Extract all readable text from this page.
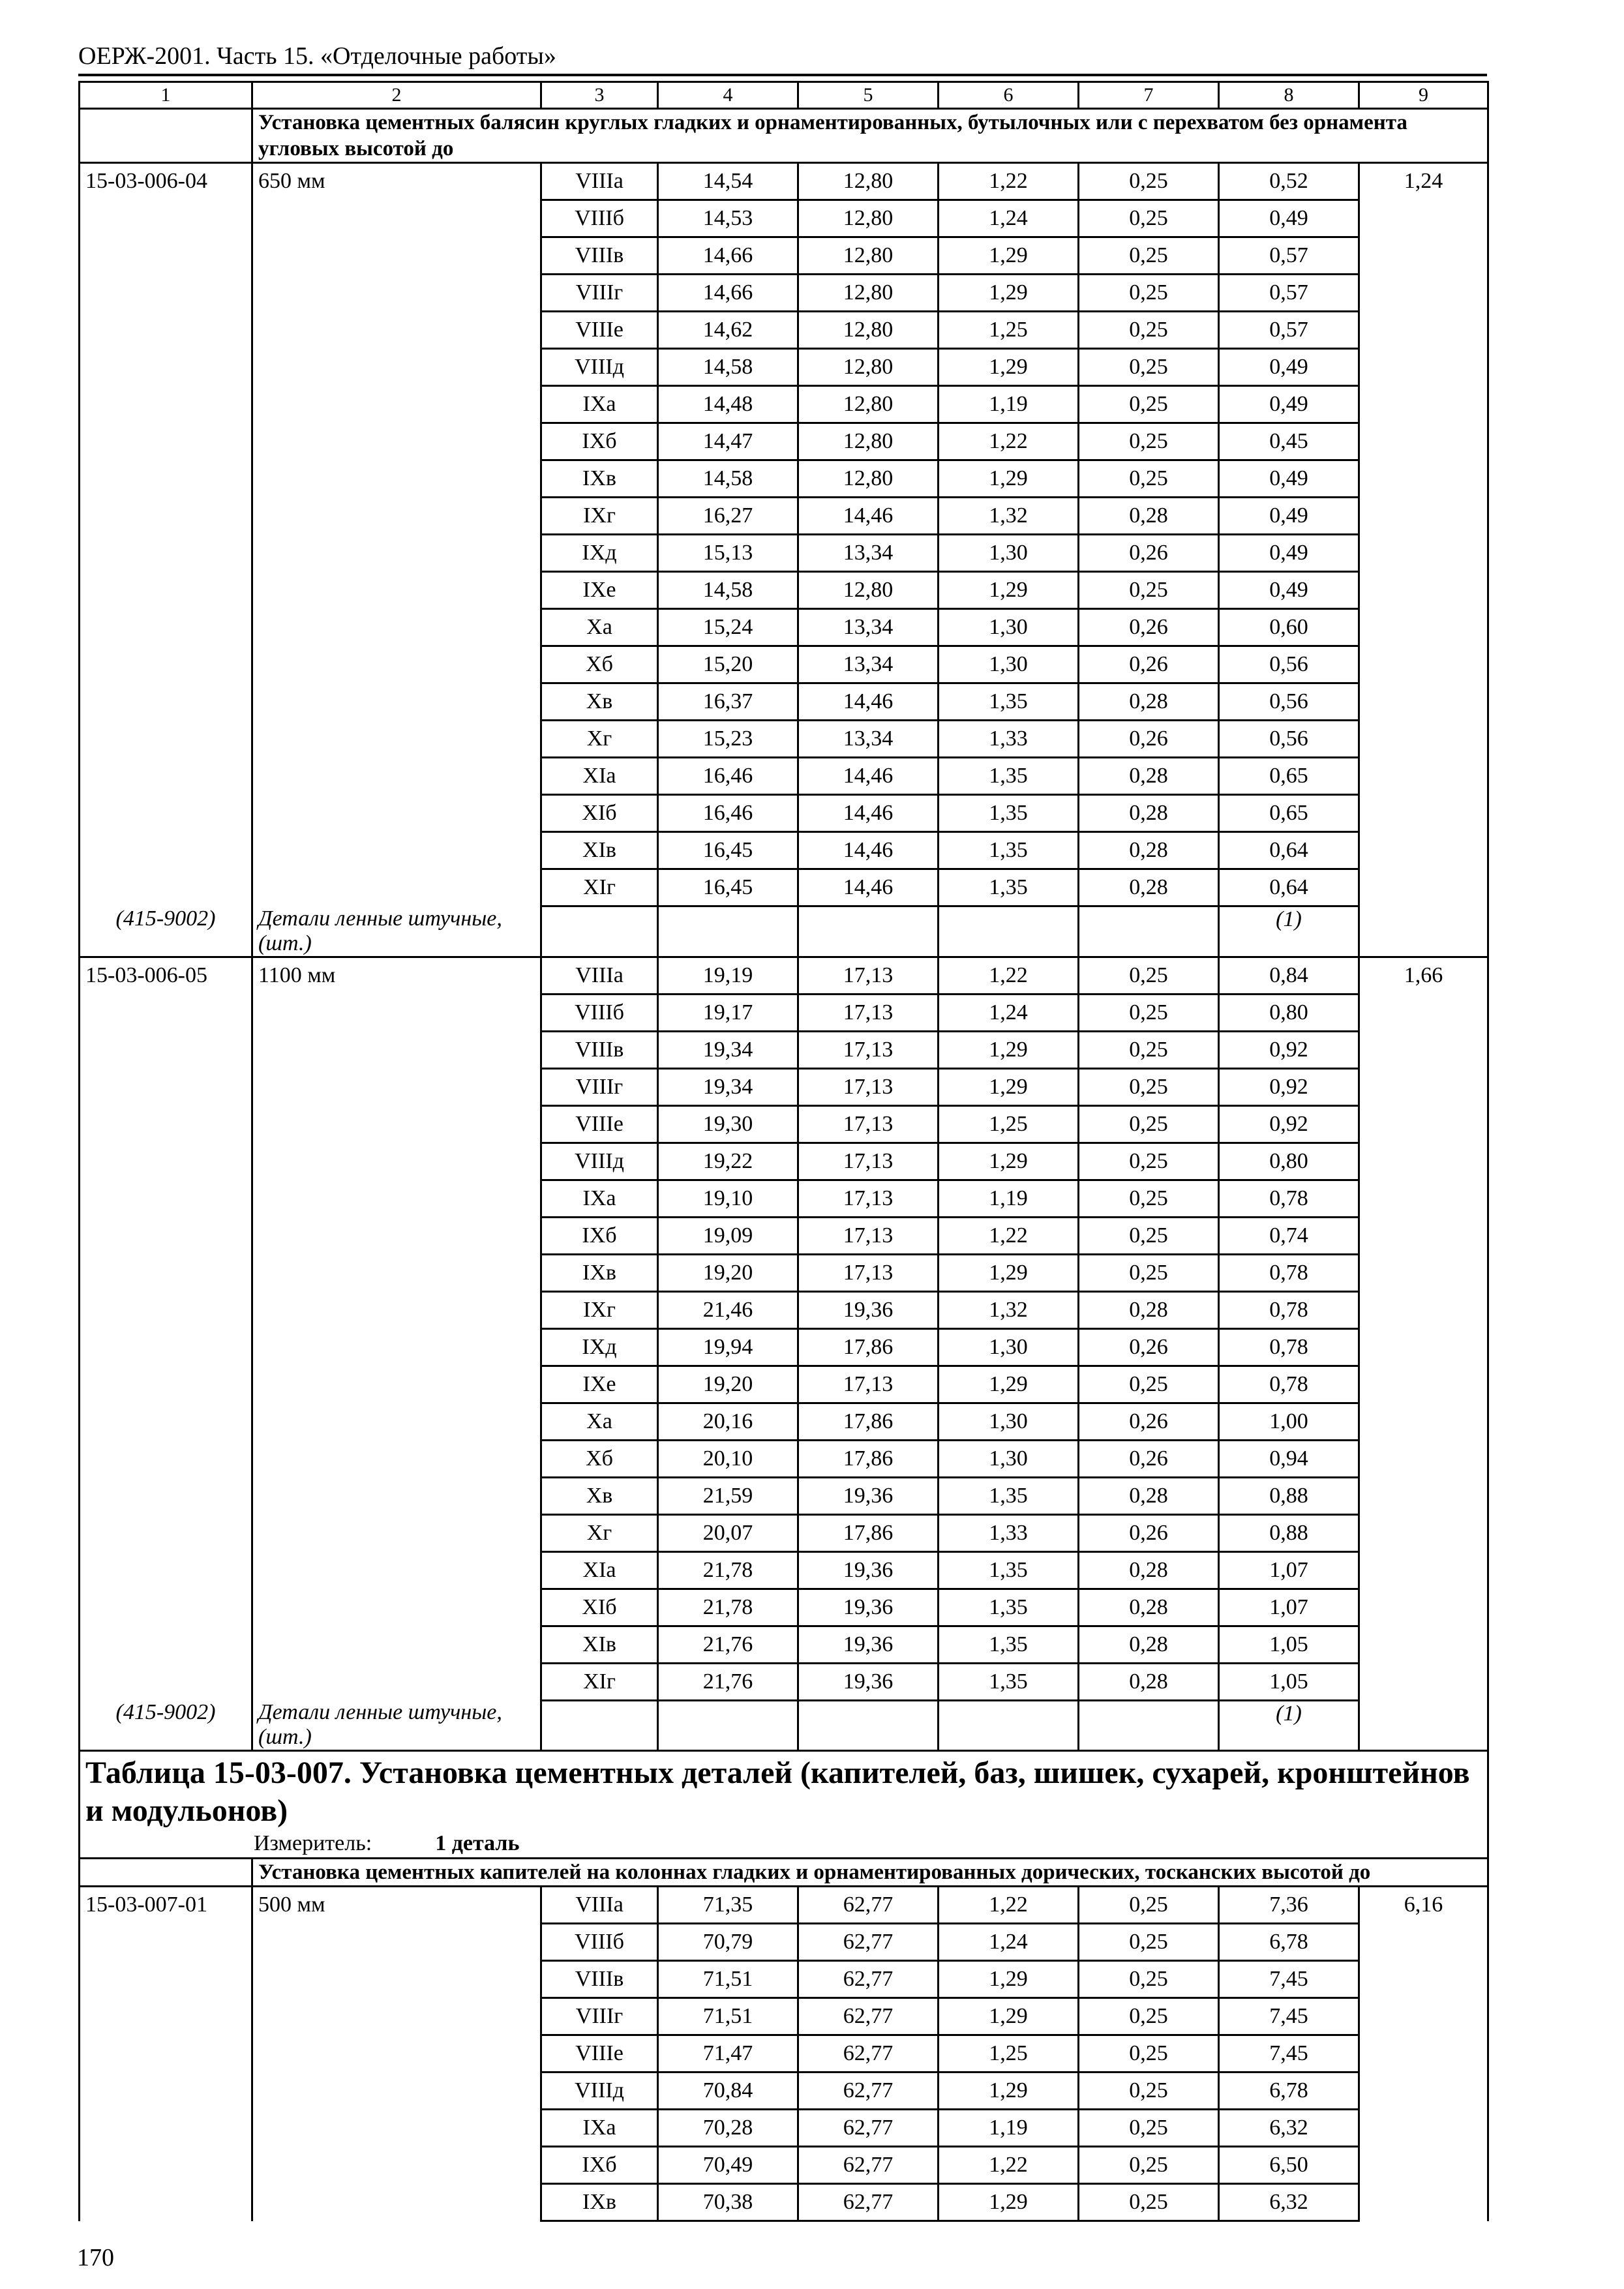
ОЕРЖ-2001. Часть 15. «Отделочные работы»
1	2	3	4	5	6	7	8	9
	Установка цементных балясин круглых гладких и орнаментированных, бутылочных или с перехватом без орнамента угловых высотой до							
15-03-006-04	650 мм	VIIIа	14,54	12,80	1,22	0,25	0,52	1,24
		VIIIб	14,53	12,80	1,24	0,25	0,49	
		VIIIв	14,66	12,80	1,29	0,25	0,57	
		VIIIг	14,66	12,80	1,29	0,25	0,57	
		VIIIе	14,62	12,80	1,25	0,25	0,57	
		VIIIд	14,58	12,80	1,29	0,25	0,49	
		IXа	14,48	12,80	1,19	0,25	0,49	
		IXб	14,47	12,80	1,22	0,25	0,45	
		IXв	14,58	12,80	1,29	0,25	0,49	
		IXг	16,27	14,46	1,32	0,28	0,49	
		IXд	15,13	13,34	1,30	0,26	0,49	
		IXе	14,58	12,80	1,29	0,25	0,49	
		Xа	15,24	13,34	1,30	0,26	0,60	
		Xб	15,20	13,34	1,30	0,26	0,56	
		Xв	16,37	14,46	1,35	0,28	0,56	
		Xг	15,23	13,34	1,33	0,26	0,56	
		XIа	16,46	14,46	1,35	0,28	0,65	
		XIб	16,46	14,46	1,35	0,28	0,65	
		XIв	16,45	14,46	1,35	0,28	0,64	
		XIг	16,45	14,46	1,35	0,28	0,64	
(415-9002)	Детали ленные штучные, (шт.)						(1)	
15-03-006-05	1100 мм	VIIIа	19,19	17,13	1,22	0,25	0,84	1,66
		VIIIб	19,17	17,13	1,24	0,25	0,80	
		VIIIв	19,34	17,13	1,29	0,25	0,92	
		VIIIг	19,34	17,13	1,29	0,25	0,92	
		VIIIе	19,30	17,13	1,25	0,25	0,92	
		VIIIд	19,22	17,13	1,29	0,25	0,80	
		IXа	19,10	17,13	1,19	0,25	0,78	
		IXб	19,09	17,13	1,22	0,25	0,74	
		IXв	19,20	17,13	1,29	0,25	0,78	
		IXг	21,46	19,36	1,32	0,28	0,78	
		IXд	19,94	17,86	1,30	0,26	0,78	
		IXе	19,20	17,13	1,29	0,25	0,78	
		Xа	20,16	17,86	1,30	0,26	1,00	
		Xб	20,10	17,86	1,30	0,26	0,94	
		Xв	21,59	19,36	1,35	0,28	0,88	
		Xг	20,07	17,86	1,33	0,26	0,88	
		XIа	21,78	19,36	1,35	0,28	1,07	
		XIб	21,78	19,36	1,35	0,28	1,07	
		XIв	21,76	19,36	1,35	0,28	1,05	
		XIг	21,76	19,36	1,35	0,28	1,05	
(415-9002)	Детали ленные штучные, (шт.)						(1)	

Таблица 15-03-007. Установка цементных деталей (капителей, баз, шишек, сухарей, кронштейнов и модульонов)
Измеритель: 1 деталь								

	Установка цементных капителей на колоннах гладких и орнаментированных дорических, тосканских высотой до							
15-03-007-01	500 мм	VIIIа	71,35	62,77	1,22	0,25	7,36	6,16
		VIIIб	70,79	62,77	1,24	0,25	6,78	
		VIIIв	71,51	62,77	1,29	0,25	7,45	
		VIIIг	71,51	62,77	1,29	0,25	7,45	
		VIIIе	71,47	62,77	1,25	0,25	7,45	
		VIIIд	70,84	62,77	1,29	0,25	6,78	
		IXа	70,28	62,77	1,19	0,25	6,32	
		IXб	70,49	62,77	1,22	0,25	6,50	
		IXв	70,38	62,77	1,29	0,25	6,32	
170
